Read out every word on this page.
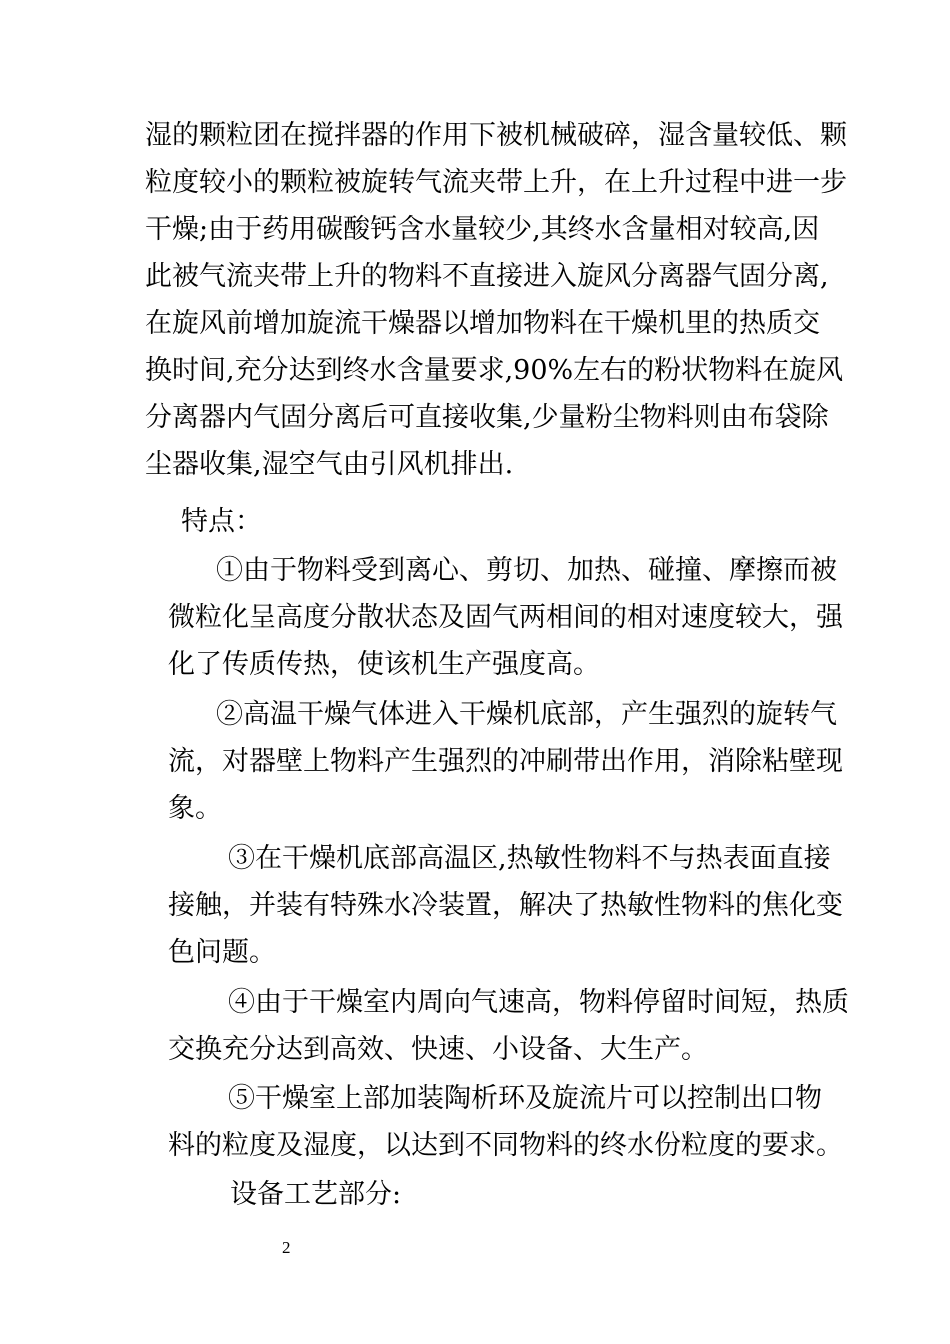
湿的颗粒团在搅拌器的作用下被机械破碎，湿含量较低、颗

粒度较小的颗粒被旋转气流夹带上升，在上升过程中进一步

干燥;由于药用碳酸钙含水量较少,其终水含量相对较高,因

此被气流夹带上升的物料不直接进入旋风分离器气固分离,

在旋风前增加旋流干燥器以增加物料在干燥机里的热质交

换时间,充分达到终水含量要求,90%左右的粉状物料在旋风

分离器内气固分离后可直接收集,少量粉尘物料则由布袋除

尘器收集,湿空气由引风机排出.

特点：

①由于物料受到离心、剪切、加热、碰撞、摩擦而被

微粒化呈高度分散状态及固气两相间的相对速度较大，强

化了传质传热，使该机生产强度高。

②高温干燥气体进入干燥机底部，产生强烈的旋转气

流，对器壁上物料产生强烈的冲刷带出作用，消除粘壁现

象。

③在干燥机底部高温区,热敏性物料不与热表面直接

接触，并装有特殊水冷装置，解决了热敏性物料的焦化变

色问题。

④由于干燥室内周向气速高，物料停留时间短，热质

交换充分达到高效、快速、小设备、大生产。

⑤干燥室上部加装陶析环及旋流片可以控制出口物

料的粒度及湿度，以达到不同物料的终水份粒度的要求。

设备工艺部分:

2
